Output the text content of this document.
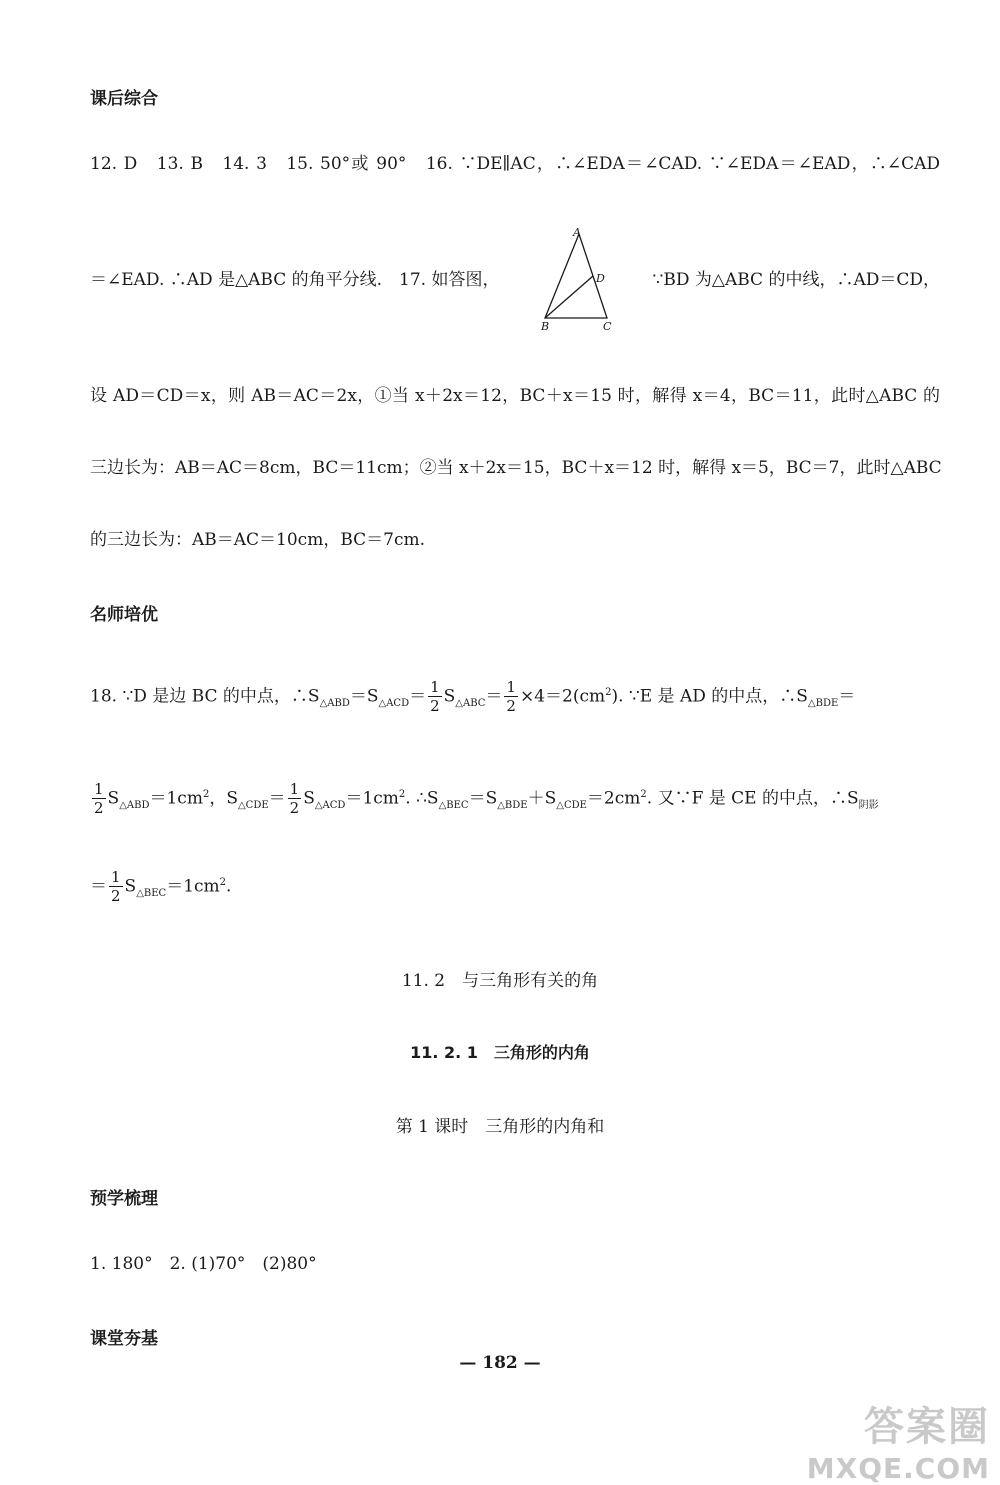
课后综合
12. D　13. B　14. 3　15. 50°或 90°　16. ∵DE∥AC，∴∠EDA＝∠CAD. ∵∠EDA＝∠EAD，∴∠CAD
＝∠EAD. ∴AD 是△ABC 的角平分线.　17. 如答图，
A
B	C
D	∵BD 为△ABC 的中线，∴AD＝CD，
设 AD＝CD＝x，则 AB＝AC＝2x，①当 x＋2x＝12，BC＋x＝15 时，解得 x＝4，BC＝11，此时△ABC 的
三边长为：AB＝AC＝8cm，BC＝11cm；②当 x＋2x＝15，BC＋x＝12 时，解得 x＝5，BC＝7，此时△ABC
的三边长为：AB＝AC＝10cm，BC＝7cm.
名师培优
18. ∵D 是边 BC 的中点，$\therefore S_{\triangle ABD}=S_{\triangle ACD}= \frac{1}{2} S_{\triangle ABC}= \frac{1}{2} \times 4=2(cm^2)$. ∵E 是 AD 的中点，$\therefore S_{\triangle BDE}=$
$\frac{1}{2} S_{\triangle ABD}=1cm^2$，$S_{\triangle CDE}= \frac{1}{2} S_{\triangle ACD}=1cm^2$. $\therefore S_{\triangle BEC}=S_{\triangle BDE}+S_{\triangle CDE}=2cm^2$. 又∵F 是 CE 的中点，$\therefore S_{阴影}$
＝ $\frac{1}{2} S_{\triangle BEC}=1cm^2$.
11. 2　与三角形有关的角
11. 2. 1　三角形的内角
第 1 课时　三角形的内角和
预学梳理
1. 180°　2. (1)70°　(2)80°
课堂夯基
— 182 —
答案圈
MXQE.COM
